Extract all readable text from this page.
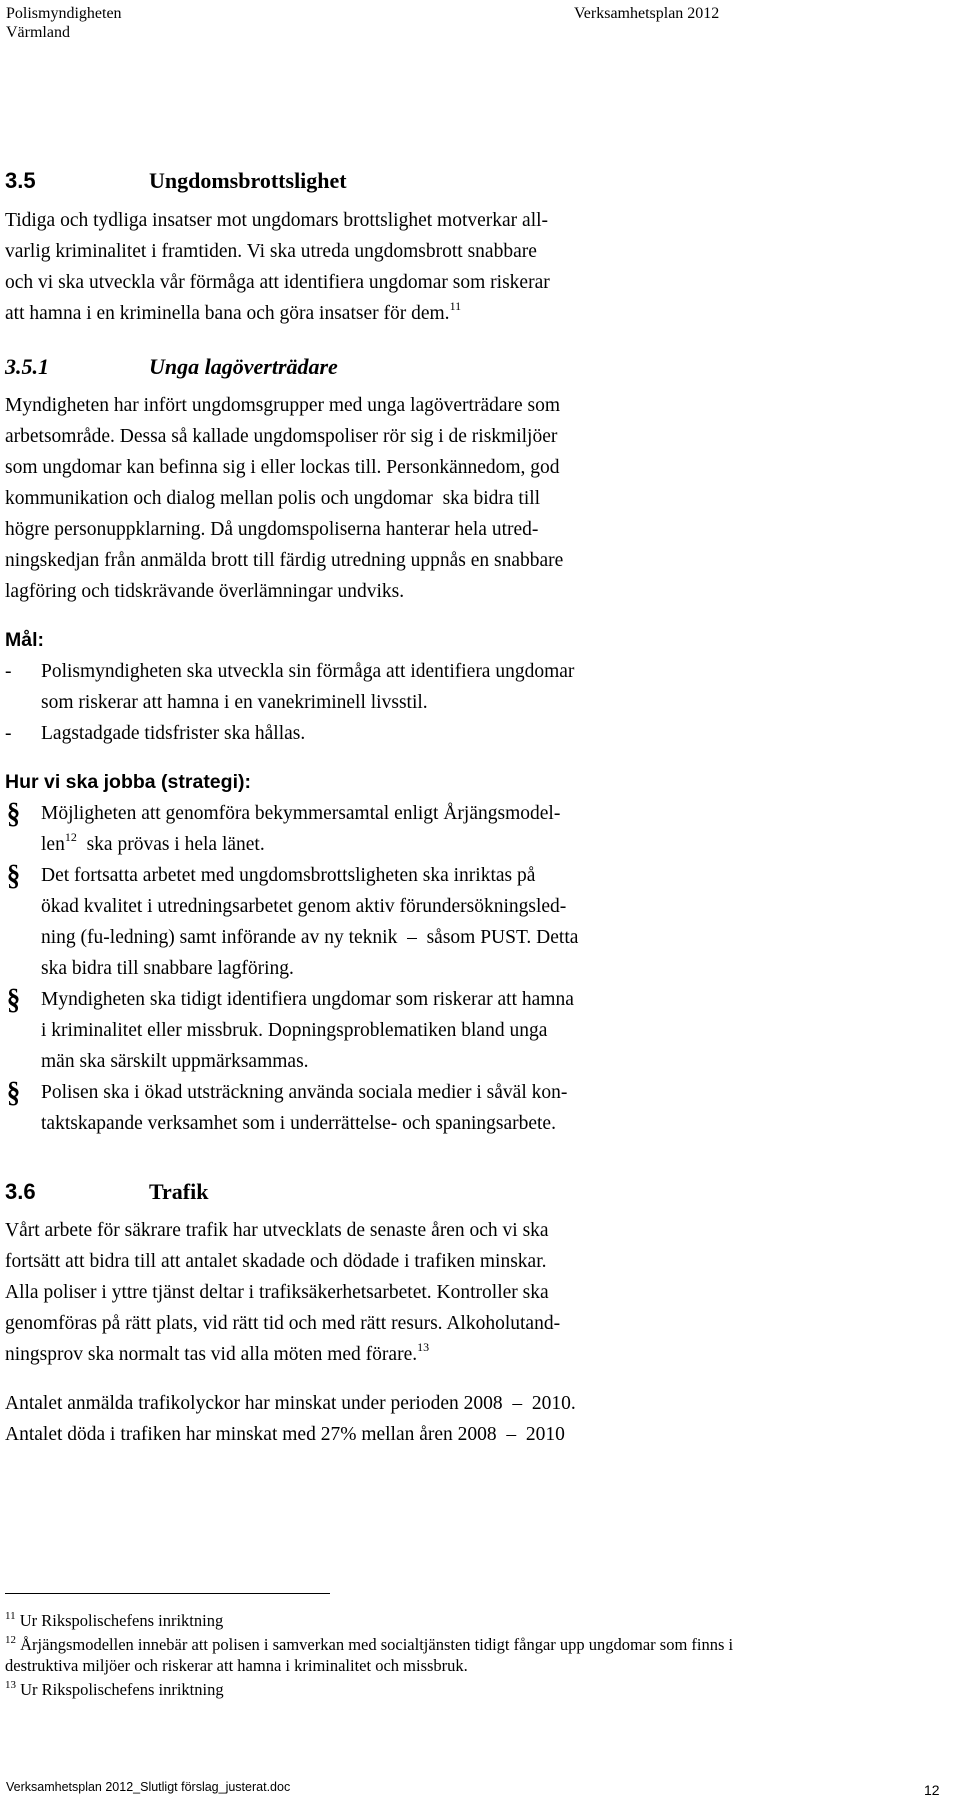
Polismyndigheten
Värmland
Verksamhetsplan 2012
3.5	Ungdomsbrottslighet

Tidiga och tydliga insatser mot ungdomars brottslighet motverkar all-

varlig kriminalitet i framtiden. Vi ska utreda ungdomsbrott snabbare

och vi ska utveckla vår förmåga att identifiera ungdomar som riskerar

att hamna i en kriminella bana och göra insatser för dem.$^{11}$

3.5.1	Unga lagöverträdare

Myndigheten har infört ungdomsgrupper med unga lagöverträdare som

arbetsområde. Dessa så kallade ungdomspoliser rör sig i de riskmiljöer

som ungdomar kan befinna sig i eller lockas till. Personkännedom, god

kommunikation och dialog mellan polis och ungdomar  ska bidra till

högre personuppklarning. Då ungdomspoliserna hanterar hela utred-

ningskedjan från anmälda brott till färdig utredning uppnås en snabbare

lagföring och tidskrävande överlämningar undviks.

Mål:

-	Polismyndigheten ska utveckla sin förmåga att identifiera ungdomar
som riskerar att hamna i en vanekriminell livsstil.
-	Lagstadgade tidsfrister ska hållas.

Hur vi ska jobba (strategi):

§	Möjligheten att genomföra bekymmersamtal enligt Årjängsmodel-
len$^{12}$  ska prövas i hela länet.
§	Det fortsatta arbetet med ungdomsbrottsligheten ska inriktas på
ökad kvalitet i utredningsarbetet genom aktiv förundersökningsled-
ning (fu-ledning) samt införande av ny teknik  –  såsom PUST. Detta
ska bidra till snabbare lagföring.
§	Myndigheten ska tidigt identifiera ungdomar som riskerar att hamna
i kriminalitet eller missbruk. Dopningsproblematiken bland unga
män ska särskilt uppmärksammas.
§	Polisen ska i ökad utsträckning använda sociala medier i såväl kon-
taktskapande verksamhet som i underrättelse- och spaningsarbete.
3.6	Trafik

Vårt arbete för säkrare trafik har utvecklats de senaste åren och vi ska

fortsätt att bidra till att antalet skadade och dödade i trafiken minskar.

Alla poliser i yttre tjänst deltar i trafiksäkerhetsarbetet. Kontroller ska

genomföras på rätt plats, vid rätt tid och med rätt resurs. Alkoholutand-

ningsprov ska normalt tas vid alla möten med förare.$^{13}$

Antalet anmälda trafikolyckor har minskat under perioden 2008  –  2010.

Antalet döda i trafiken har minskat med 27% mellan åren 2008  –  2010

$^{11}$ Ur Rikspolischefens inriktning

$^{12}$ Årjängsmodellen innebär att polisen i samverkan med socialtjänsten tidigt fångar upp ungdomar som finns i destruktiva miljöer och riskerar att hamna i kriminalitet och missbruk.

$^{13}$ Ur Rikspolischefens inriktning

Verksamhetsplan 2012_Slutligt förslag_justerat.doc	12
